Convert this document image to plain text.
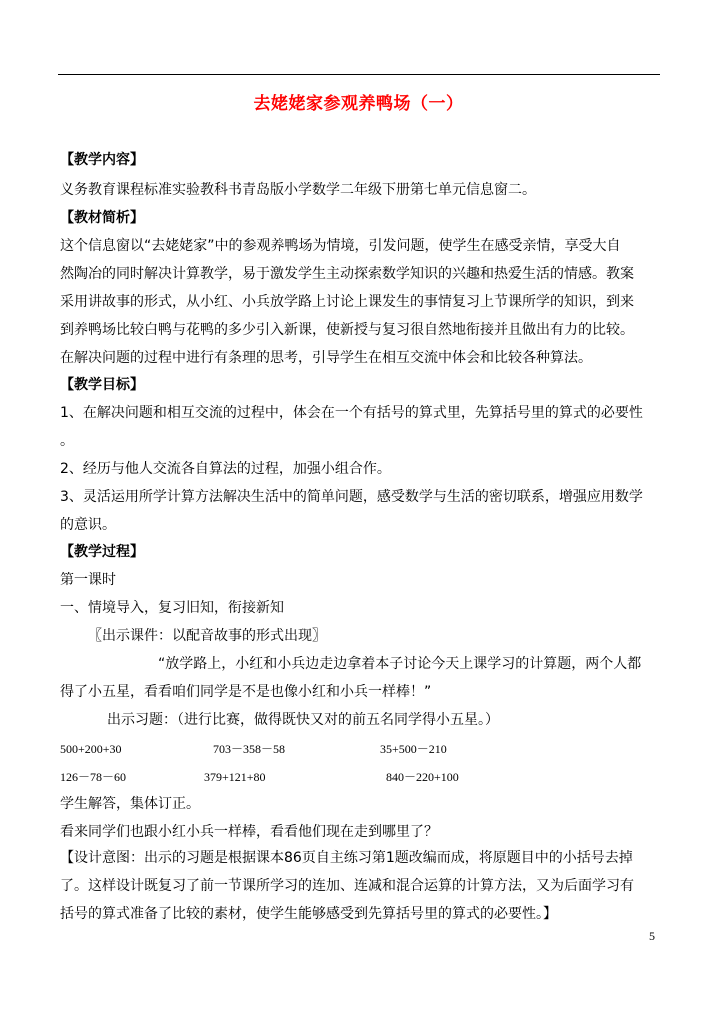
去姥姥家参观养鸭场（一）
【教学内容】
义务教育课程标准实验教科书青岛版小学数学二年级下册第七单元信息窗二。
【教材简析】
这个信息窗以“去姥姥家”中的参观养鸭场为情境，引发问题，使学生在感受亲情，享受大自
然陶冶的同时解决计算教学，易于激发学生主动探索数学知识的兴趣和热爱生活的情感。教案
采用讲故事的形式，从小红、小兵放学路上讨论上课发生的事情复习上节课所学的知识，到来
到养鸭场比较白鸭与花鸭的多少引入新课，使新授与复习很自然地衔接并且做出有力的比较。
在解决问题的过程中进行有条理的思考，引导学生在相互交流中体会和比较各种算法。
【教学目标】
1、在解决问题和相互交流的过程中，体会在一个有括号的算式里，先算括号里的算式的必要性
。
2、经历与他人交流各自算法的过程，加强小组合作。
3、灵活运用所学计算方法解决生活中的简单问题，感受数学与生活的密切联系，增强应用数学
的意识。
【教学过程】
第一课时
一、情境导入，复习旧知，衔接新知
〖出示课件：以配音故事的形式出现〗
“放学路上，小红和小兵边走边拿着本子讨论今天上课学习的计算题，两个人都
得了小五星，看看咱们同学是不是也像小红和小兵一样棒！”
出示习题：（进行比赛，做得既快又对的前五名同学得小五星。）
500+200+30	703－358－58	35+500－210
126－78－60	379+121+80	840－220+100
学生解答，集体订正。
看来同学们也跟小红小兵一样棒，看看他们现在走到哪里了？
【设计意图：出示的习题是根据课本86页自主练习第1题改编而成，将原题目中的小括号去掉
了。这样设计既复习了前一节课所学习的连加、连减和混合运算的计算方法，又为后面学习有
括号的算式准备了比较的素材，使学生能够感受到先算括号里的算式的必要性。】
5
